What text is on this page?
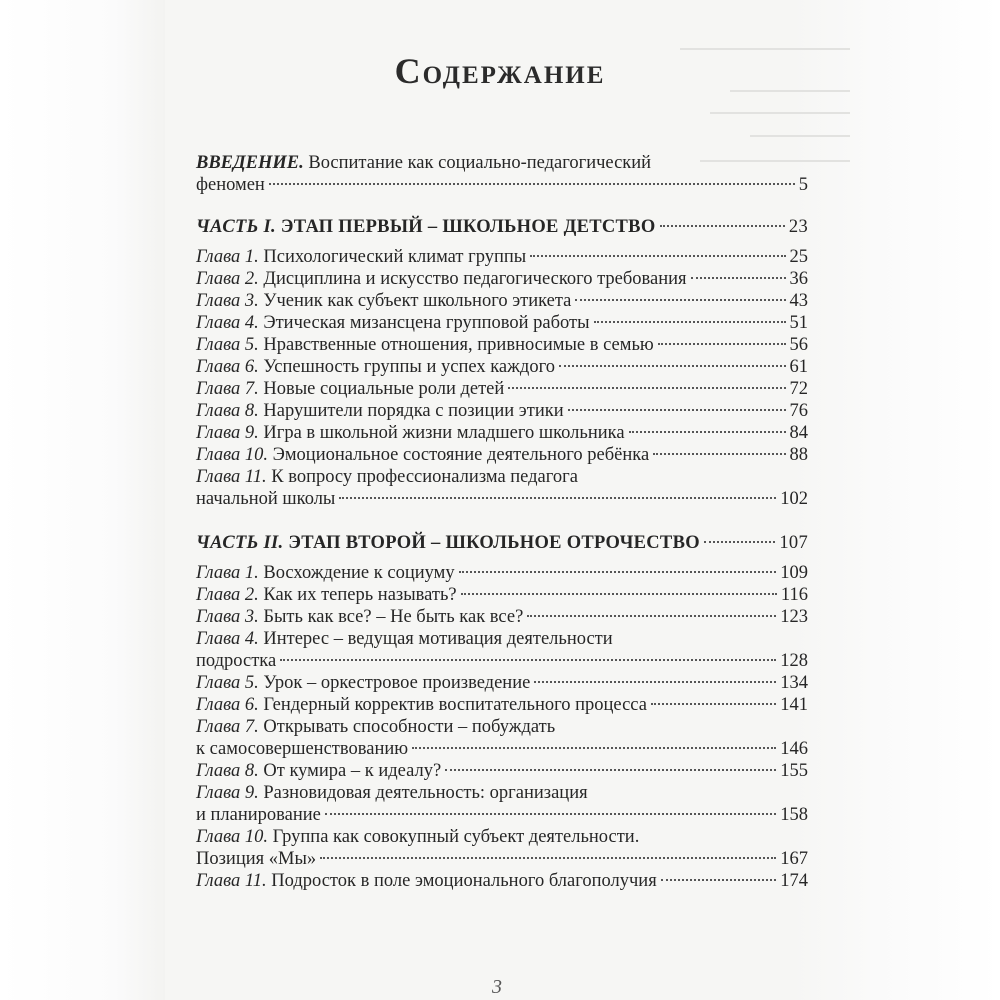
Содержание
ВВЕДЕНИЕ. Воспитание как социально-педагогический
феномен	5
ЧАСТЬ I. ЭТАП ПЕРВЫЙ – ШКОЛЬНОЕ ДЕТСТВО	23
Глава 1. Психологический климат группы	25
Глава 2. Дисциплина и искусство педагогического требования	36
Глава 3. Ученик как субъект школьного этикета	43
Глава 4. Этическая мизансцена групповой работы	51
Глава 5. Нравственные отношения, привносимые в семью	56
Глава 6. Успешность группы и успех каждого	61
Глава 7. Новые социальные роли детей	72
Глава 8. Нарушители порядка с позиции этики	76
Глава 9. Игра в школьной жизни младшего школьника	84
Глава 10. Эмоциональное состояние деятельного ребёнка	88
Глава 11. К вопросу профессионализма педагога
начальной школы	102
ЧАСТЬ II. ЭТАП ВТОРОЙ – ШКОЛЬНОЕ ОТРОЧЕСТВО	107
Глава 1. Восхождение к социуму	109
Глава 2. Как их теперь называть?	116
Глава 3. Быть как все? – Не быть как все?	123
Глава 4. Интерес – ведущая мотивация деятельности
подростка	128
Глава 5. Урок – оркестровое произведение	134
Глава 6. Гендерный корректив воспитательного процесса	141
Глава 7. Открывать способности – побуждать
к самосовершенствованию	146
Глава 8. От кумира – к идеалу?	155
Глава 9. Разновидовая деятельность: организация
и планирование	158
Глава 10. Группа как совокупный субъект деятельности.
Позиция «Мы»	167
Глава 11. Подросток в поле эмоционального благополучия	174
3
